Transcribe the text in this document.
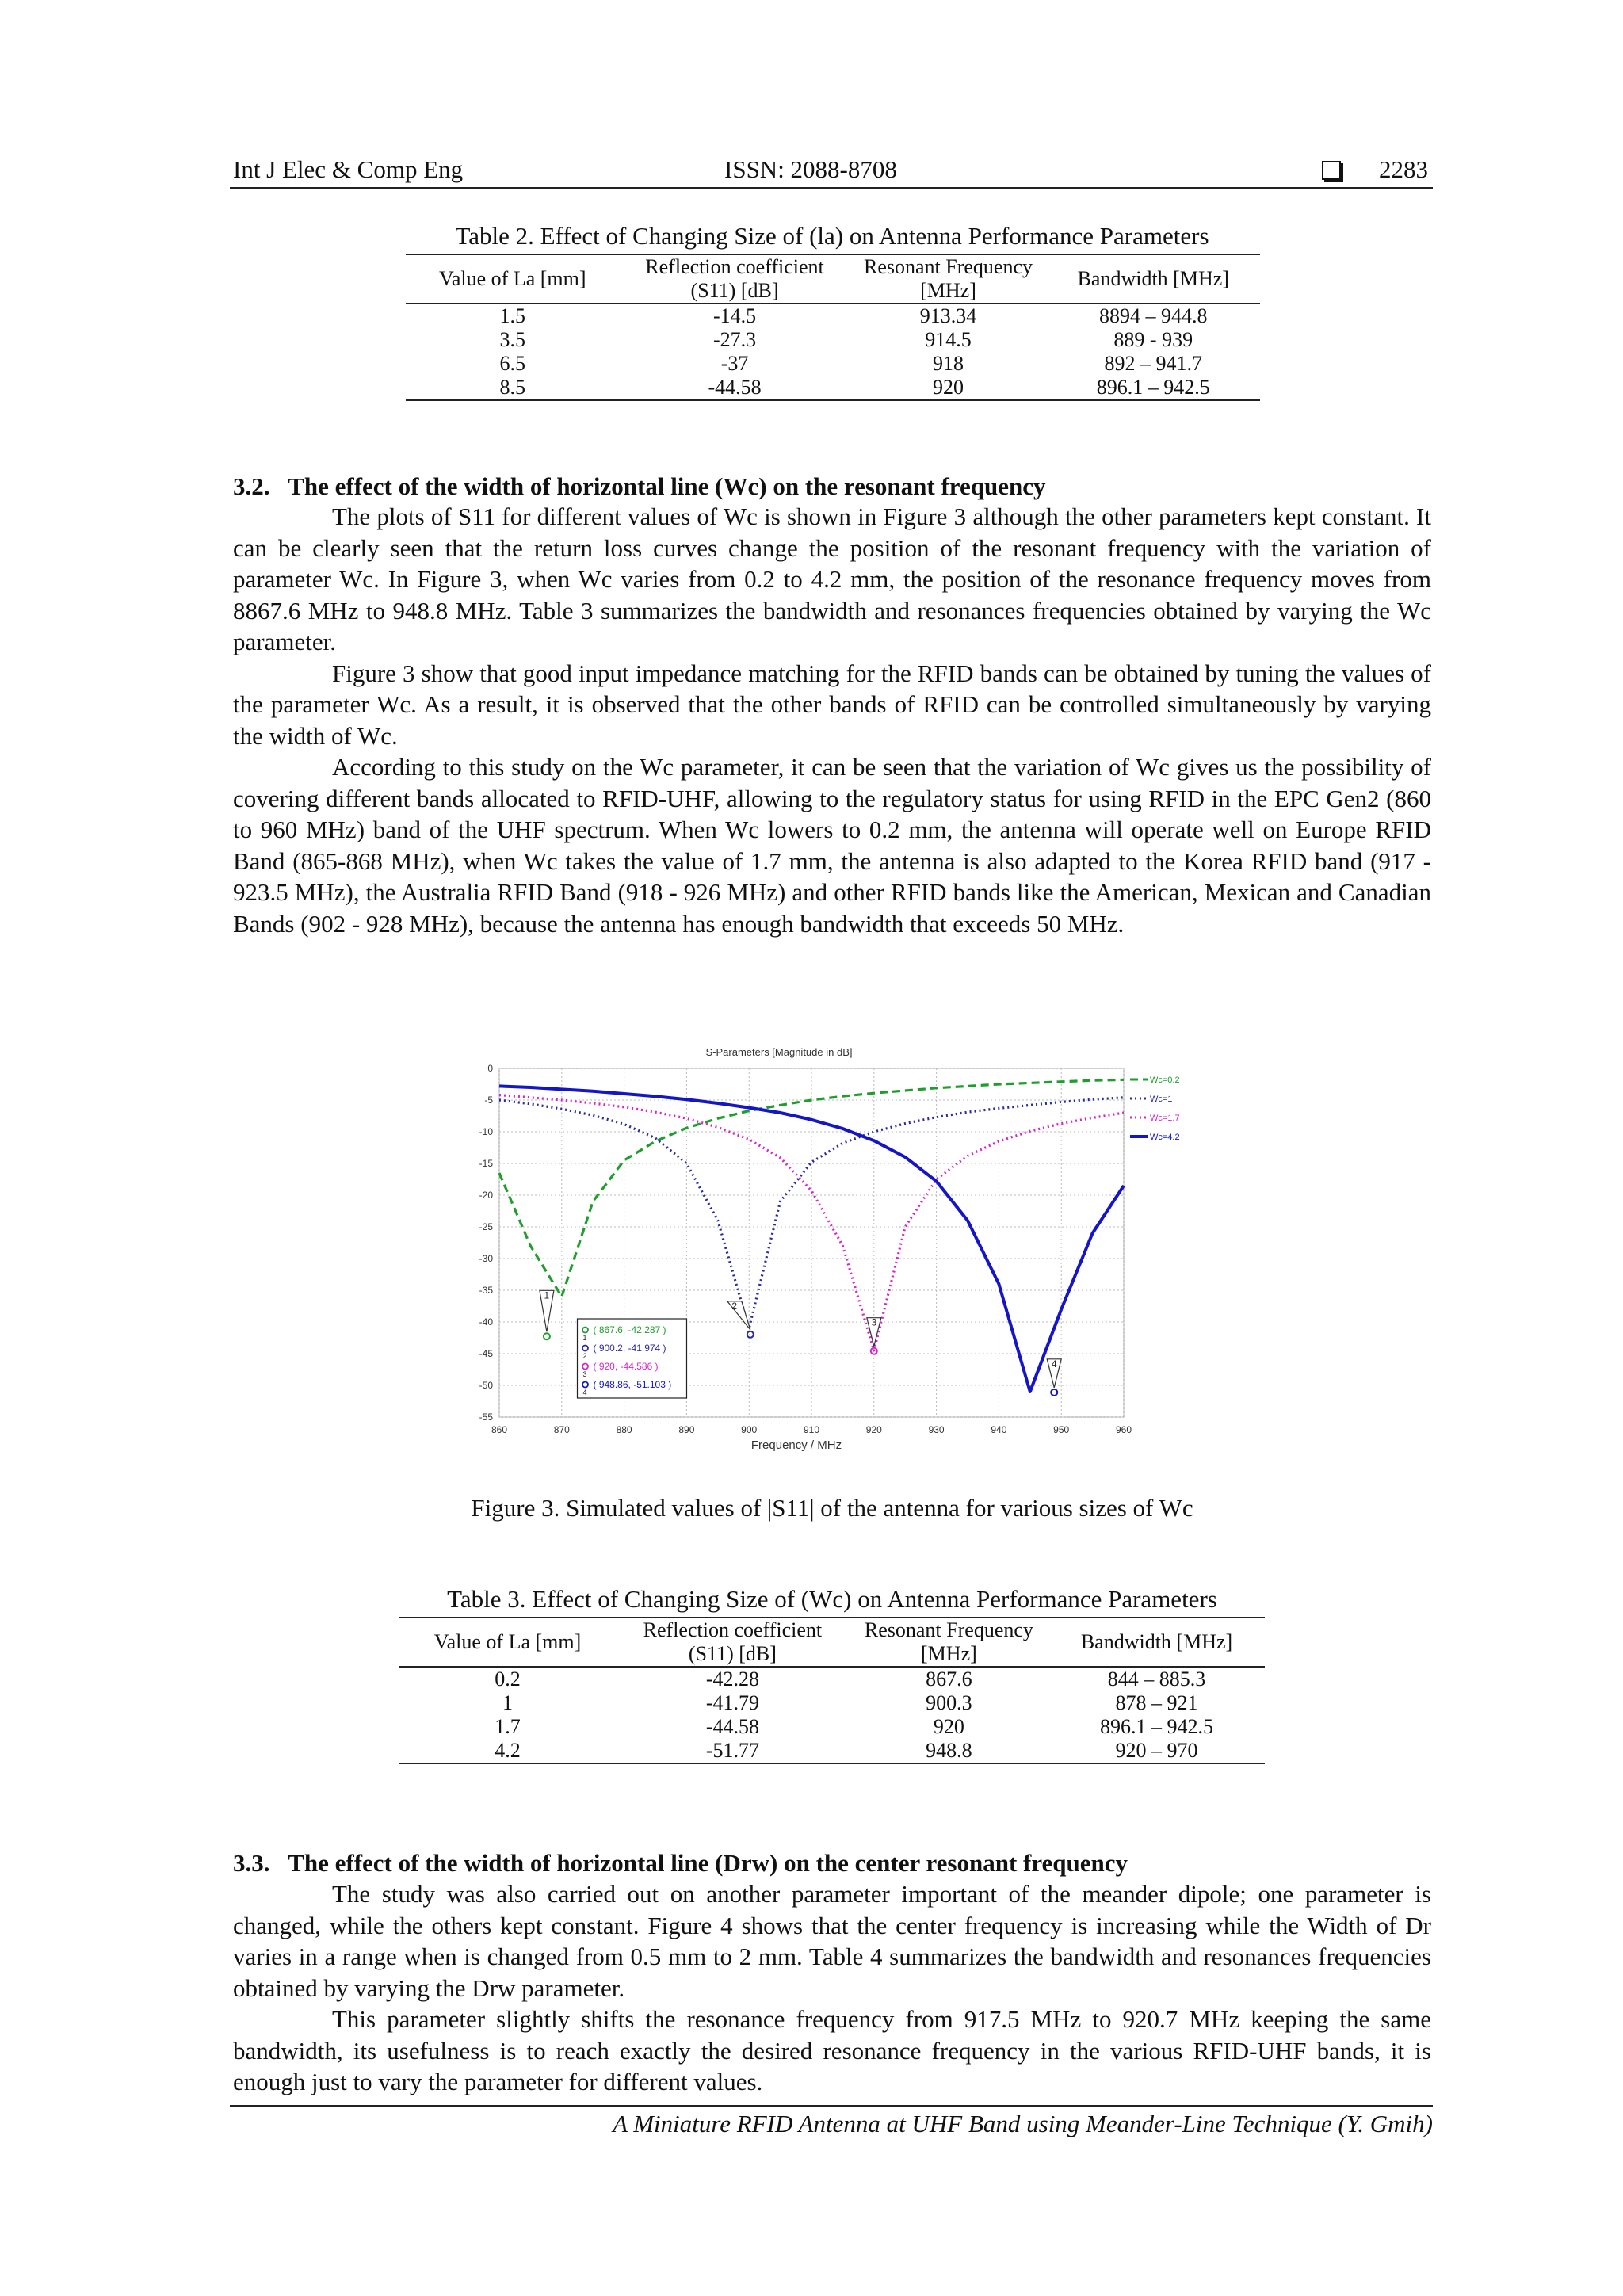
Int J Elec & Comp Eng	ISSN: 2088-8708	2283
Table 2. Effect of Changing Size of (la) on Antenna Performance Parameters
Value of La [mm]	Reflection coefficient (S11) [dB]	Resonant Frequency [MHz]	Bandwidth [MHz]
1.5	-14.5	913.34	8894 – 944.8
3.5	-27.3	914.5	889 - 939
6.5	-37	918	892 – 941.7
8.5	-44.58	920	896.1 – 942.5
3.2.   The effect of the width of horizontal line (Wc) on the resonant frequency

The plots of S11 for different values of Wc is shown in Figure 3 although the other parameters kept constant. It can be clearly seen that the return loss curves change the position of the resonant frequency with the variation of parameter Wc. In Figure 3, when Wc varies from 0.2 to 4.2 mm, the position of the resonance frequency moves from 8867.6 MHz to 948.8 MHz. Table 3 summarizes the bandwidth and resonances frequencies obtained by varying the Wc parameter.

Figure 3 show that good input impedance matching for the RFID bands can be obtained by tuning the values of the parameter Wc. As a result, it is observed that the other bands of RFID can be controlled simultaneously by varying the width of Wc.

According to this study on the Wc parameter, it can be seen that the variation of Wc gives us the possibility of covering different bands allocated to RFID-UHF, allowing to the regulatory status for using RFID in the EPC Gen2 (860 to 960 MHz) band of the UHF spectrum. When Wc lowers to 0.2 mm, the antenna will operate well on Europe RFID Band (865-868 MHz), when Wc takes the value of 1.7 mm, the antenna is also adapted to the Korea RFID band (917 - 923.5 MHz), the Australia RFID Band (918 - 926 MHz) and other RFID bands like the American, Mexican and Canadian Bands (902 - 928 MHz), because the antenna has enough bandwidth that exceeds 50 MHz.

S-Parameters [Magnitude in dB]
0
-5
-10
-15
-20
-25
-30
-35
-40
-45
-50
-55
860	870	880	890	900	910	920	930	940	950	960
1
2
3
4
( 867.6, -42.287 )
1
( 900.2, -41.974 )
2
( 920, -44.586 )
3
( 948.86, -51.103 )
4
Wc=0.2
Wc=1
Wc=1.7
Wc=4.2
Frequency / MHz
Figure 3. Simulated values of |S11| of the antenna for various sizes of Wc
Table 3. Effect of Changing Size of (Wc) on Antenna Performance Parameters
Value of La [mm]	Reflection coefficient (S11) [dB]	Resonant Frequency [MHz]	Bandwidth [MHz]
0.2	-42.28	867.6	844 – 885.3
1	-41.79	900.3	878 – 921
1.7	-44.58	920	896.1 – 942.5
4.2	-51.77	948.8	920 – 970
3.3.   The effect of the width of horizontal line (Drw) on the center resonant frequency

The study was also carried out on another parameter important of the meander dipole; one parameter is changed, while the others kept constant. Figure 4 shows that the center frequency is increasing while the Width of Dr varies in a range when is changed from 0.5 mm to 2 mm. Table 4 summarizes the bandwidth and resonances frequencies obtained by varying the Drw parameter.

This parameter slightly shifts the resonance frequency from 917.5 MHz to 920.7 MHz keeping the same bandwidth, its usefulness is to reach exactly the desired resonance frequency in the various RFID-UHF bands, it is enough just to vary the parameter for different values.

A Miniature RFID Antenna at UHF Band using Meander-Line Technique (Y. Gmih)
